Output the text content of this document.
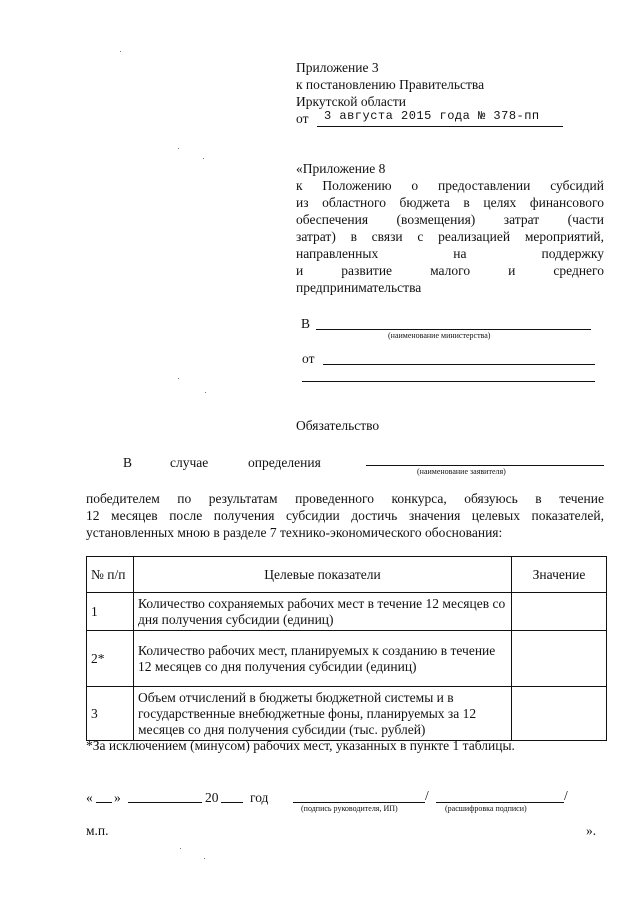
Приложение 3
к постановлению Правительства
Иркутской области
от 3 августа 2015 года № 378-пп
«Приложение 8
к Положению о предоставлении субсидий
из областного бюджета в целях финансового
обеспечения (возмещения) затрат (части
затрат) в связи с реализацией мероприятий,
направленных на поддержку
и развитие малого и среднего
предпринимательства
В
(наименование министерства)
от
Обязательство
В	случае	определения
(наименование заявителя)
победителем по результатам проведенного конкурса, обязуюсь в течение
12 месяцев после получения субсидии достичь значения целевых показателей,
установленных мною в разделе 7 технико-экономического обоснования:
№ п/п	Целевые показатели	Значение
1	Количество сохраняемых рабочих мест в течение 12 месяцев со дня получения субсидии (единиц)	
2*	Количество рабочих мест, планируемых к созданию в течение 12 месяцев со дня получения субсидии (единиц)	
3	Объем отчислений в бюджеты бюджетной системы и в государственные внебюджетные фоны, планируемых за 12 месяцев со дня получения субсидии (тыс. рублей)	
*За исключением (минусом) рабочих мест, указанных в пункте 1 таблицы.
« »	20 год	/	/
(подпись руководителя, ИП)	(расшифровка подписи)
м.п.	».
